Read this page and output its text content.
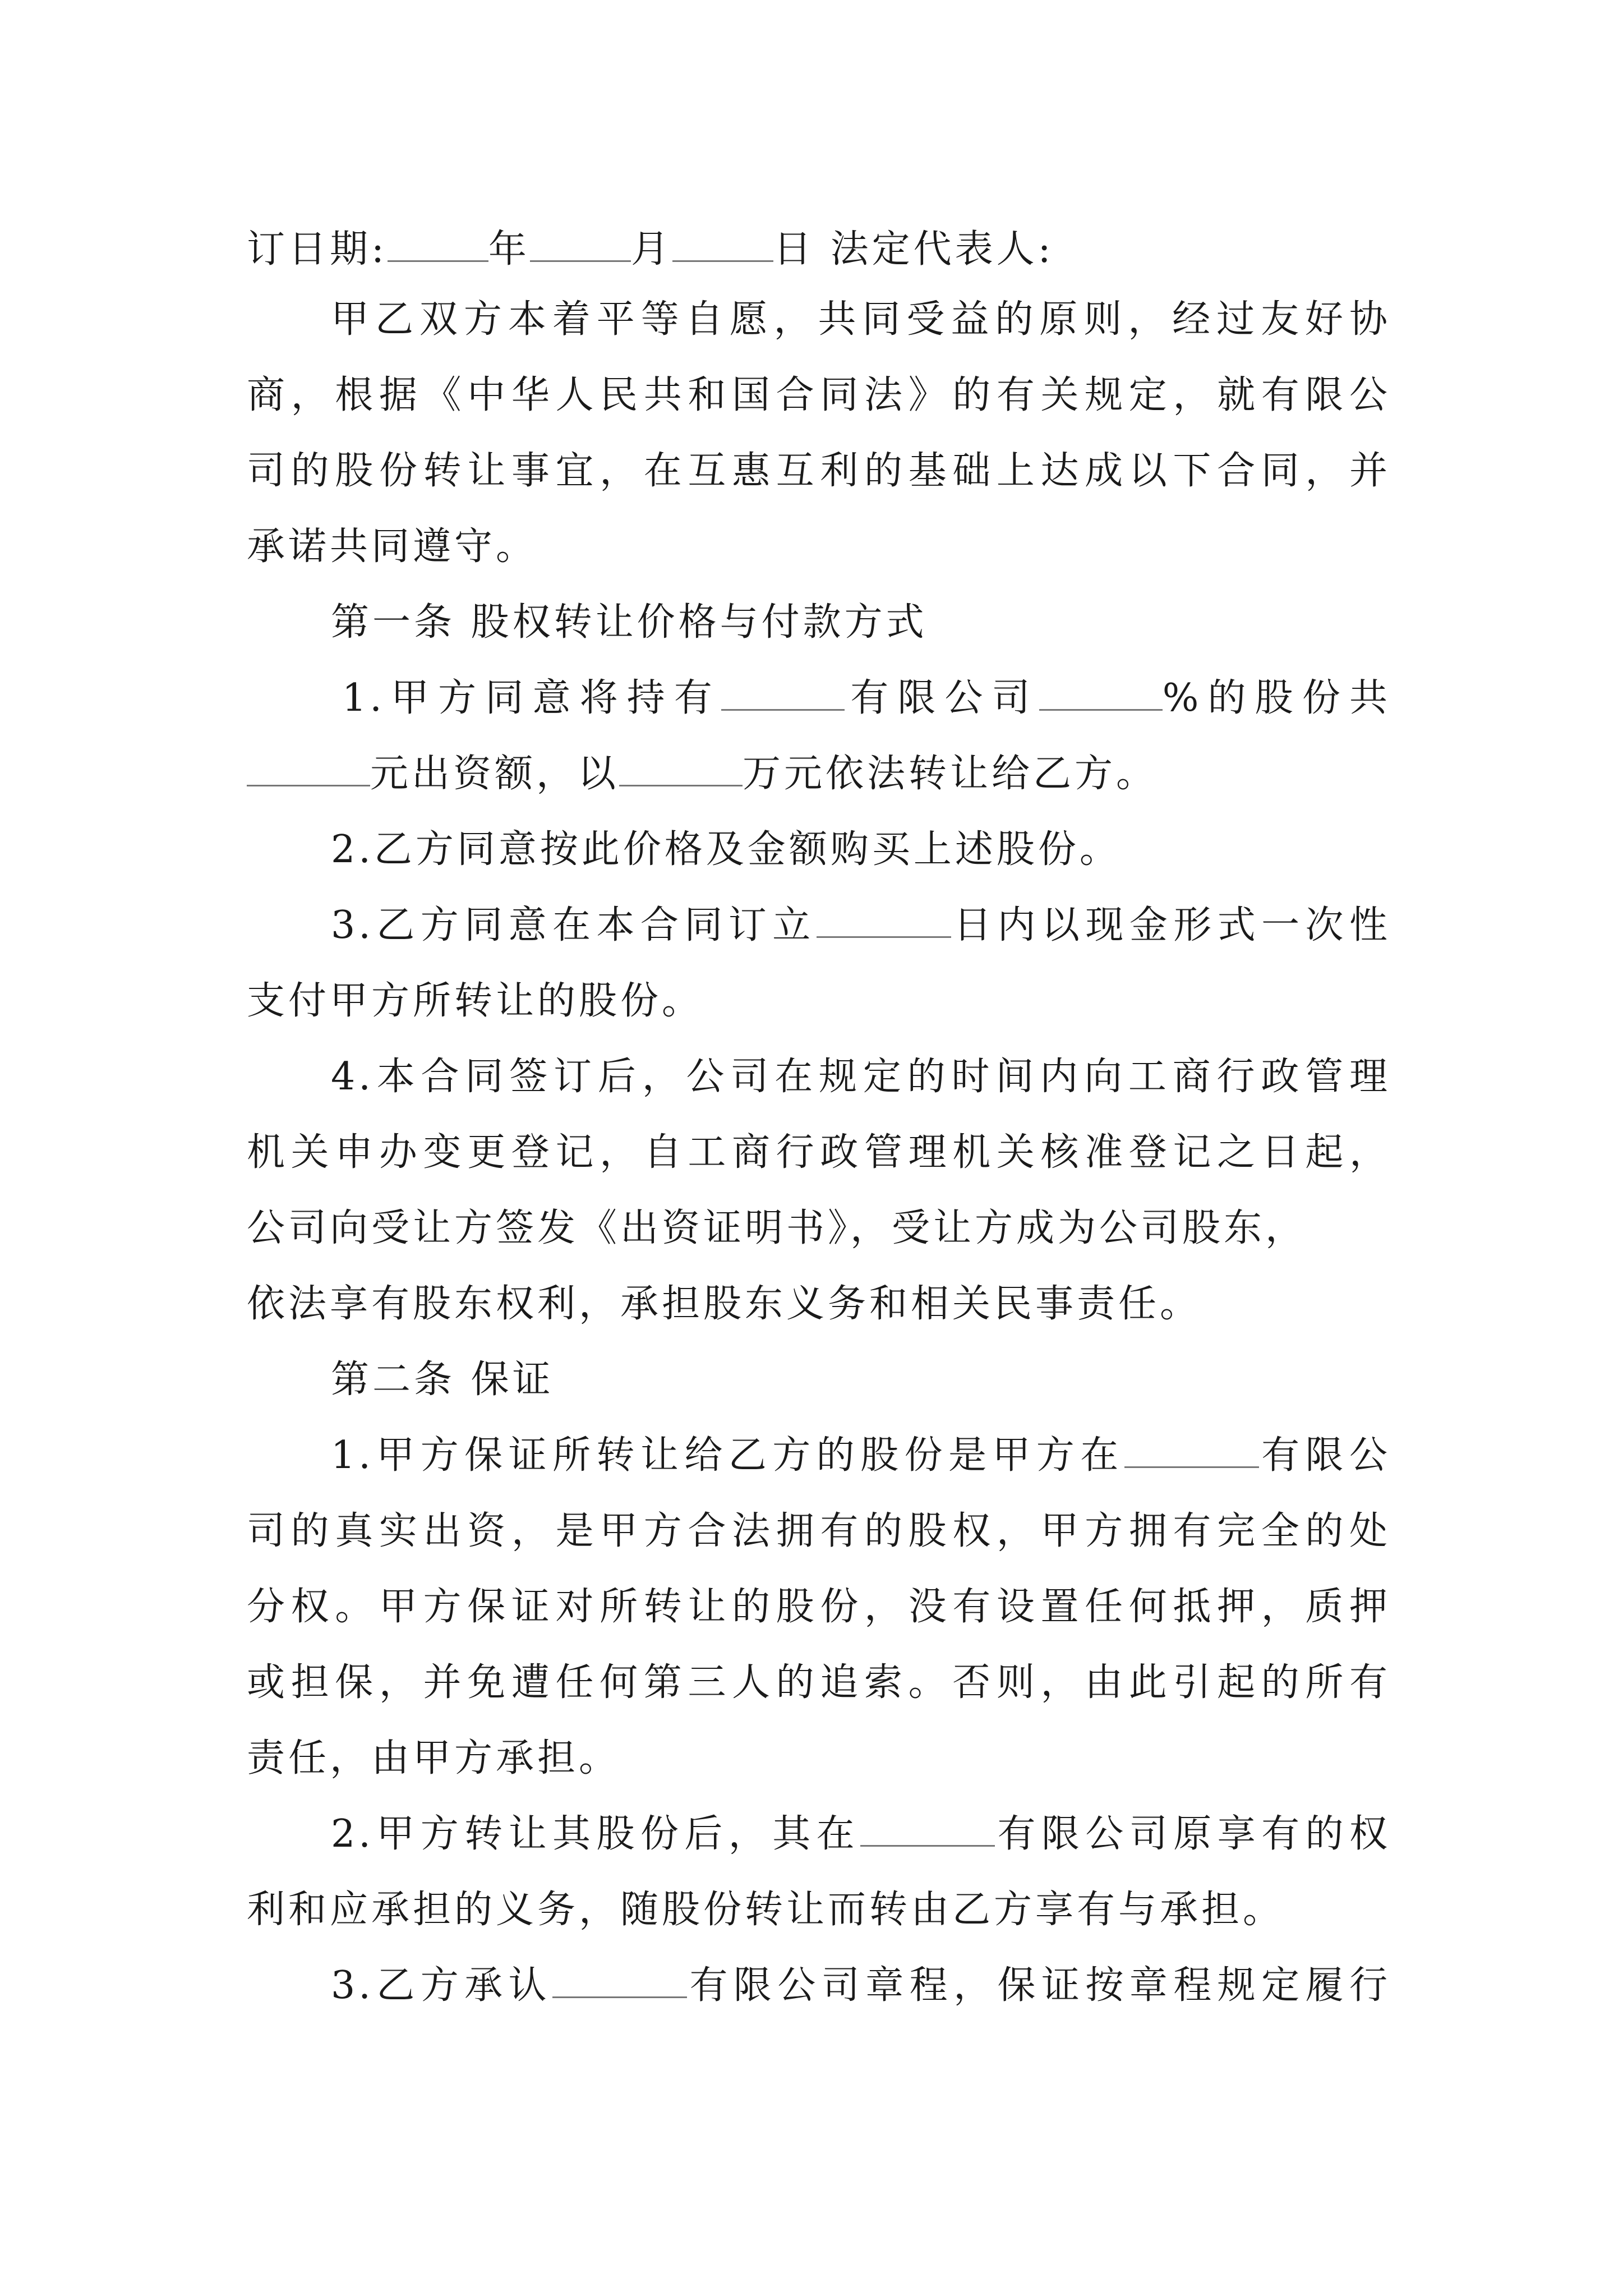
订日期:	年	月	日 法定代表人:
甲乙双方本着平等自愿，共同受益的原则，经过友好协
商，根据《中华人民共和国合同法》的有关规定，就有限公
司的股份转让事宜，在互惠互利的基础上达成以下合同，并
承诺共同遵守。
第一条 股权转让价格与付款方式
1.甲方同意将持有	有限公司	%的股份共
元出资额，以	万元依法转让给乙方。
2.乙方同意按此价格及金额购买上述股份。
3.乙方同意在本合同订立	日内以现金形式一次性
支付甲方所转让的股份。
4.本合同签订后，公司在规定的时间内向工商行政管理
机关申办变更登记，自工商行政管理机关核准登记之日起，
公司向受让方签发《出资证明书》，受让方成为公司股东，
依法享有股东权利，承担股东义务和相关民事责任。
第二条 保证
1.甲方保证所转让给乙方的股份是甲方在	有限公
司的真实出资，是甲方合法拥有的股权，甲方拥有完全的处
分权。甲方保证对所转让的股份，没有设置任何抵押，质押
或担保，并免遭任何第三人的追索。否则，由此引起的所有
责任，由甲方承担。
2.甲方转让其股份后，其在	有限公司原享有的权
利和应承担的义务，随股份转让而转由乙方享有与承担。
3.乙方承认	有限公司章程，保证按章程规定履行
